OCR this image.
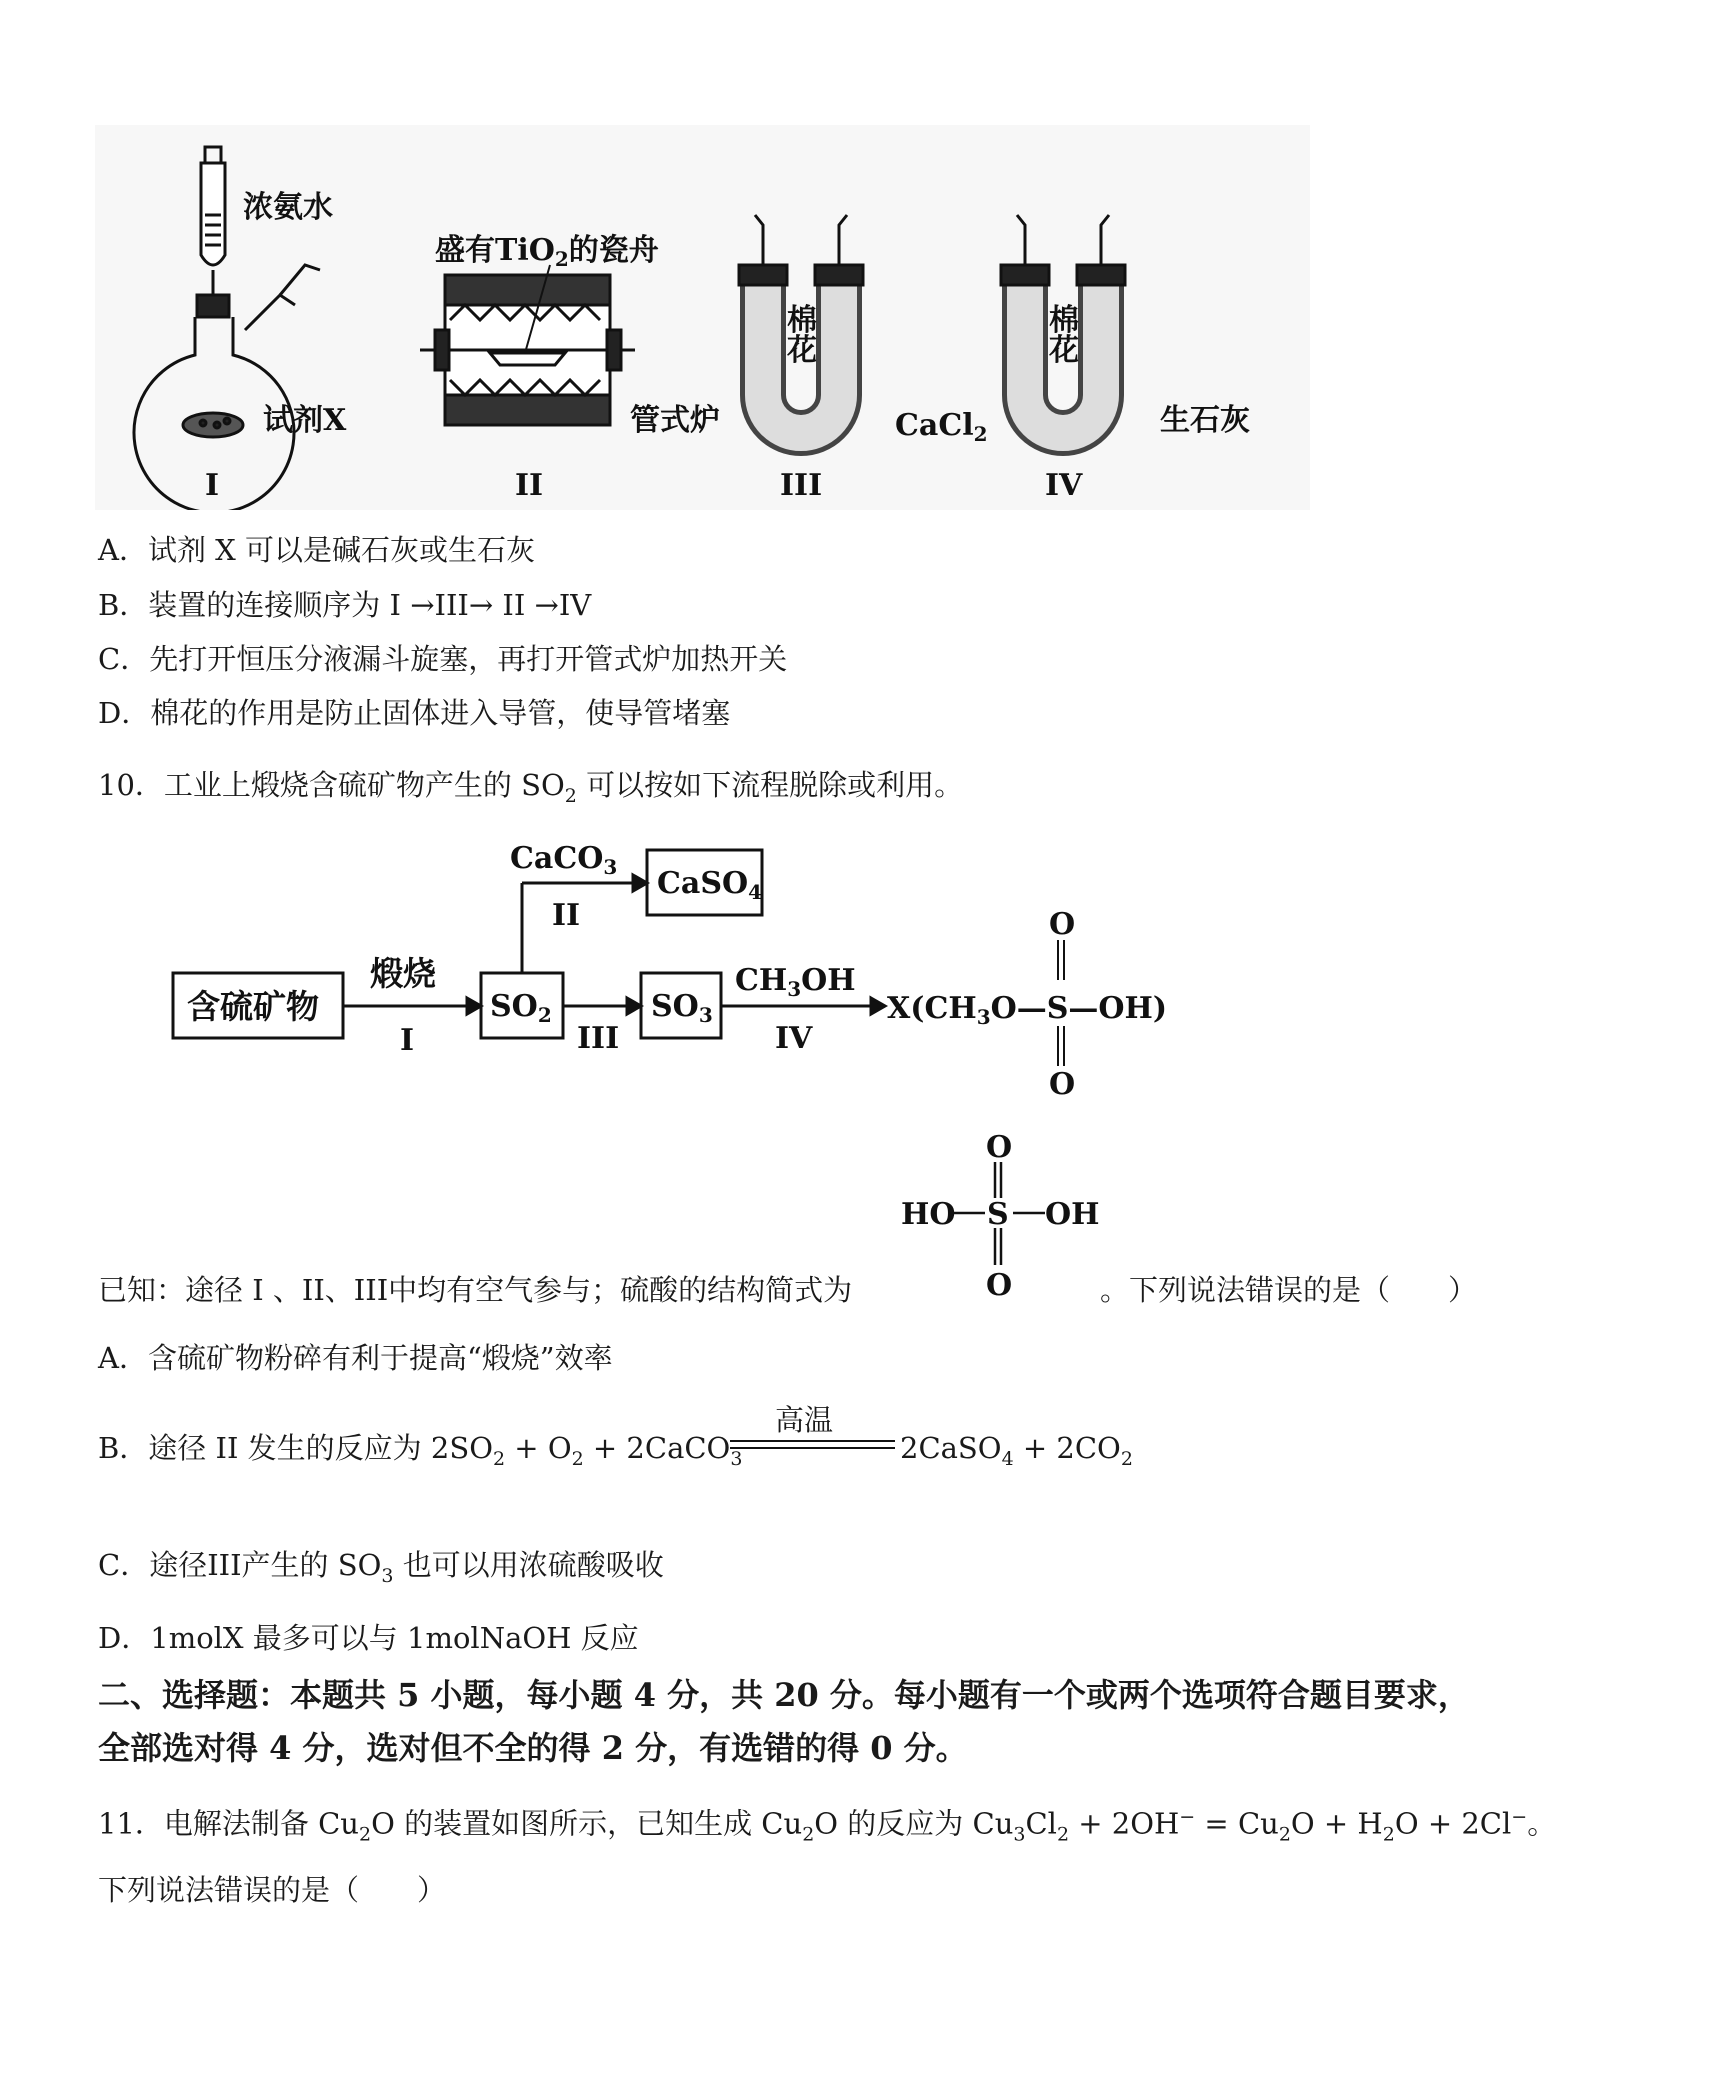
浓氨水
试剂X
I
盛有TiO$_2$的瓷舟
管式炉
II
棉
花
CaCl$_2$
III
棉
花
生石灰
IV
A．试剂 X 可以是碱石灰或生石灰
B．装置的连接顺序为 I →III→ II →IV
C．先打开恒压分液漏斗旋塞，再打开管式炉加热开关
D．棉花的作用是防止固体进入导管，使导管堵塞
10．工业上煅烧含硫矿物产生的 $SO_2$ 可以按如下流程脱除或利用。
含硫矿物
煅烧
I
$SO_2$
CaCO$_3$
II
CaSO$_4$
III
$SO_3$
$CH_3OH$
IV
$X(CH_3O—S—OH)$
O
O
O
HO S OH
O
已知：途径 I 、II、III中均有空气参与；硫酸的结构简式为	。下列说法错误的是（　　）
A．含硫矿物粉碎有利于提高“煅烧”效率
B．途径 II 发生的反应为 $2SO_2 + O_2$ + 2CaCO$_3$
高温
2CaSO$_4$ + $2CO_2$
C．途径III产生的 $SO_3$ 也可以用浓硫酸吸收
D．1molX 最多可以与 1molNaOH 反应
二、选择题：本题共 5 小题，每小题 4 分，共 20 分。每小题有一个或两个选项符合题目要求，
全部选对得 4 分，选对但不全的得 2 分，有选错的得 0 分。
11．电解法制备 $Cu_2O$ 的装置如图所示，已知生成 $Cu_2O$ 的反应为 $Cu_3Cl_2 + 2OH^- = Cu_2O + H_2O + 2Cl^-$。
下列说法错误的是（　　）
